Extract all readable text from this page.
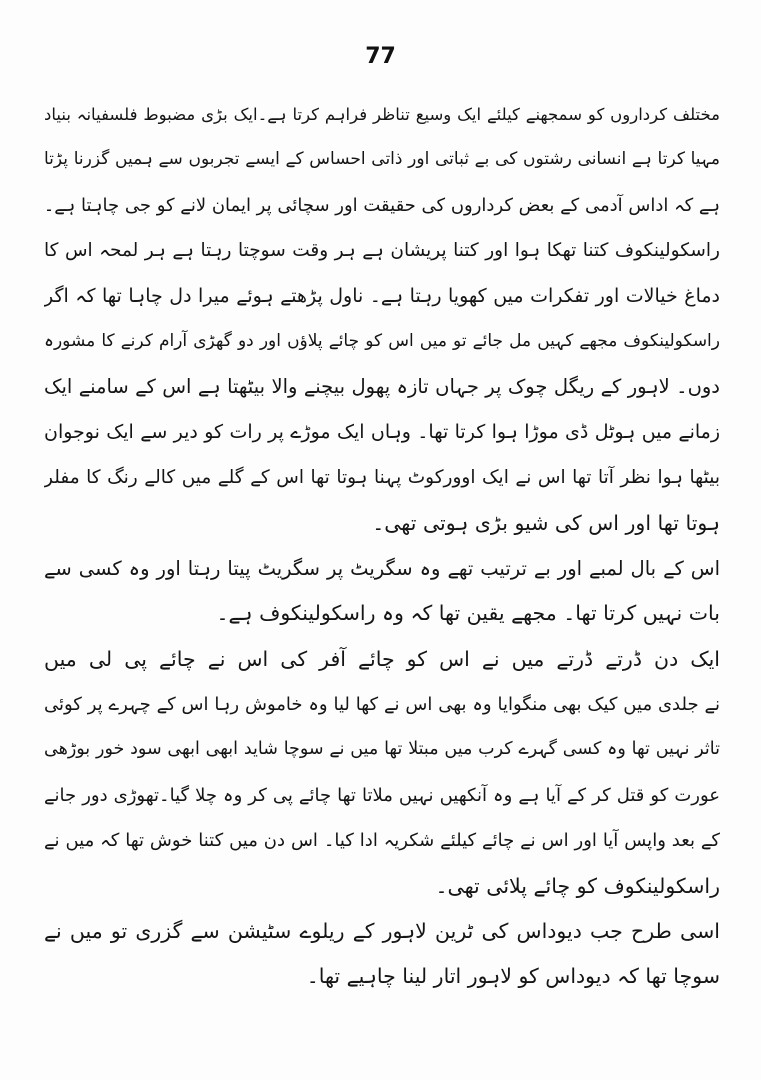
77
مختلف کرداروں کو سمجھنے کیلئے ایک وسیع تناظر فراہم کرتا ہے۔ایک بڑی مضبوط فلسفیانہ بنیاد
مہیا کرتا ہے انسانی رشتوں کی بے ثباتی اور ذاتی احساس کے ایسے تجربوں سے ہمیں گزرنا پڑتا
ہے کہ اداس آدمی کے بعض کرداروں کی حقیقت اور سچائی پر ایمان لانے کو جی چاہتا ہے۔
راسکولینکوف کتنا تھکا ہوا اور کتنا پریشان ہے ہر وقت سوچتا رہتا ہے ہر لمحہ اس کا
دماغ خیالات اور تفکرات میں کھویا رہتا ہے۔ ناول پڑھتے ہوئے میرا دل چاہا تھا کہ اگر
راسکولینکوف مجھے کہیں مل جائے تو میں اس کو چائے پلاؤں اور دو گھڑی آرام کرنے کا مشورہ
دوں۔ لاہور کے ریگل چوک پر جہاں تازہ پھول بیچنے والا بیٹھتا ہے اس کے سامنے ایک
زمانے میں ہوٹل ڈی موڑا ہوا کرتا تھا۔ وہاں ایک موڑے پر رات کو دیر سے ایک نوجوان
بیٹھا ہوا نظر آتا تھا اس نے ایک اوورکوٹ پہنا ہوتا تھا اس کے گلے میں کالے رنگ کا مفلر
ہوتا تھا اور اس کی شیو بڑی ہوتی تھی۔
اس کے بال لمبے اور بے ترتیب تھے وہ سگریٹ پر سگریٹ پیتا رہتا اور وہ کسی سے
بات نہیں کرتا تھا۔ مجھے یقین تھا کہ وہ راسکولینکوف ہے۔
ایک دن ڈرتے ڈرتے میں نے اس کو چائے آفر کی اس نے چائے پی لی میں
نے جلدی میں کیک بھی منگوایا وہ بھی اس نے کھا لیا وہ خاموش رہا اس کے چہرے پر کوئی
تاثر نہیں تھا وہ کسی گہرے کرب میں مبتلا تھا میں نے سوچا شاید ابھی ابھی سود خور بوڑھی
عورت کو قتل کر کے آیا ہے وہ آنکھیں نہیں ملاتا تھا چائے پی کر وہ چلا گیا۔تھوڑی دور جانے
کے بعد واپس آیا اور اس نے چائے کیلئے شکریہ ادا کیا۔ اس دن میں کتنا خوش تھا کہ میں نے
راسکولینکوف کو چائے پلائی تھی۔
اسی طرح جب دیوداس کی ٹرین لاہور کے ریلوے سٹیشن سے گزری تو میں نے
سوچا تھا کہ دیوداس کو لاہور اتار لینا چاہیے تھا۔
